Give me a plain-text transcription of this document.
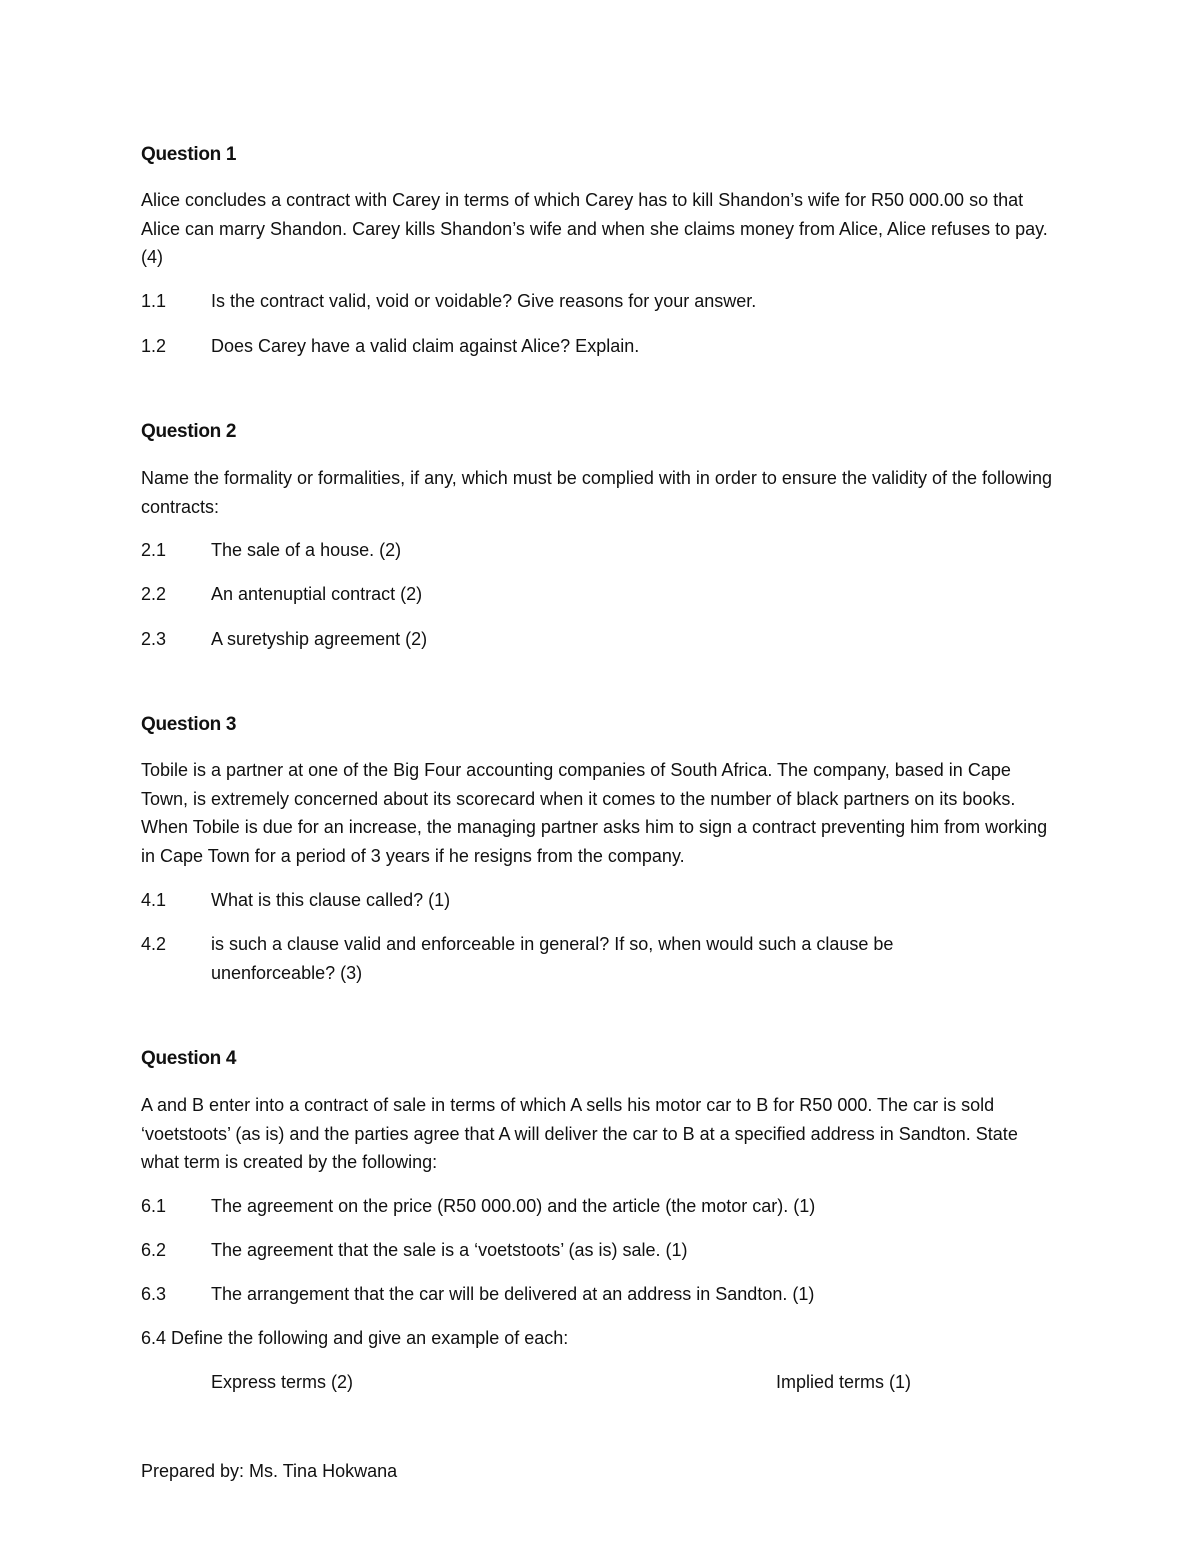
Question 1
Alice concludes a contract with Carey in terms of which Carey has to kill Shandon’s wife for R50 000.00 so that Alice can marry Shandon. Carey kills Shandon’s wife and when she claims money from Alice, Alice refuses to pay. (4)
1.1	Is the contract valid, void or voidable? Give reasons for your answer.
1.2	Does Carey have a valid claim against Alice? Explain.
Question 2
Name the formality or formalities, if any, which must be complied with in order to ensure the validity of the following contracts:
2.1	The sale of a house. (2)
2.2	An antenuptial contract (2)
2.3	A suretyship agreement (2)
Question 3
Tobile is a partner at one of the Big Four accounting companies of South Africa. The company, based in Cape Town, is extremely concerned about its scorecard when it comes to the number of black partners on its books. When Tobile is due for an increase, the managing partner asks him to sign a contract preventing him from working in Cape Town for a period of 3 years if he resigns from the company.
4.1	What is this clause called? (1)
4.2	is such a clause valid and enforceable in general? If so, when would such a clause be unenforceable? (3)
Question 4
A and B enter into a contract of sale in terms of which A sells his motor car to B for R50 000. The car is sold ‘voetstoots’ (as is) and the parties agree that A will deliver the car to B at a specified address in Sandton. State what term is created by the following:
6.1	The agreement on the price (R50 000.00) and the article (the motor car). (1)
6.2	The agreement that the sale is a ‘voetstoots’ (as is) sale. (1)
6.3	The arrangement that the car will be delivered at an address in Sandton. (1)
6.4 Define the following and give an example of each:
Express terms (2)	Implied terms (1)
Prepared by: Ms. Tina Hokwana
